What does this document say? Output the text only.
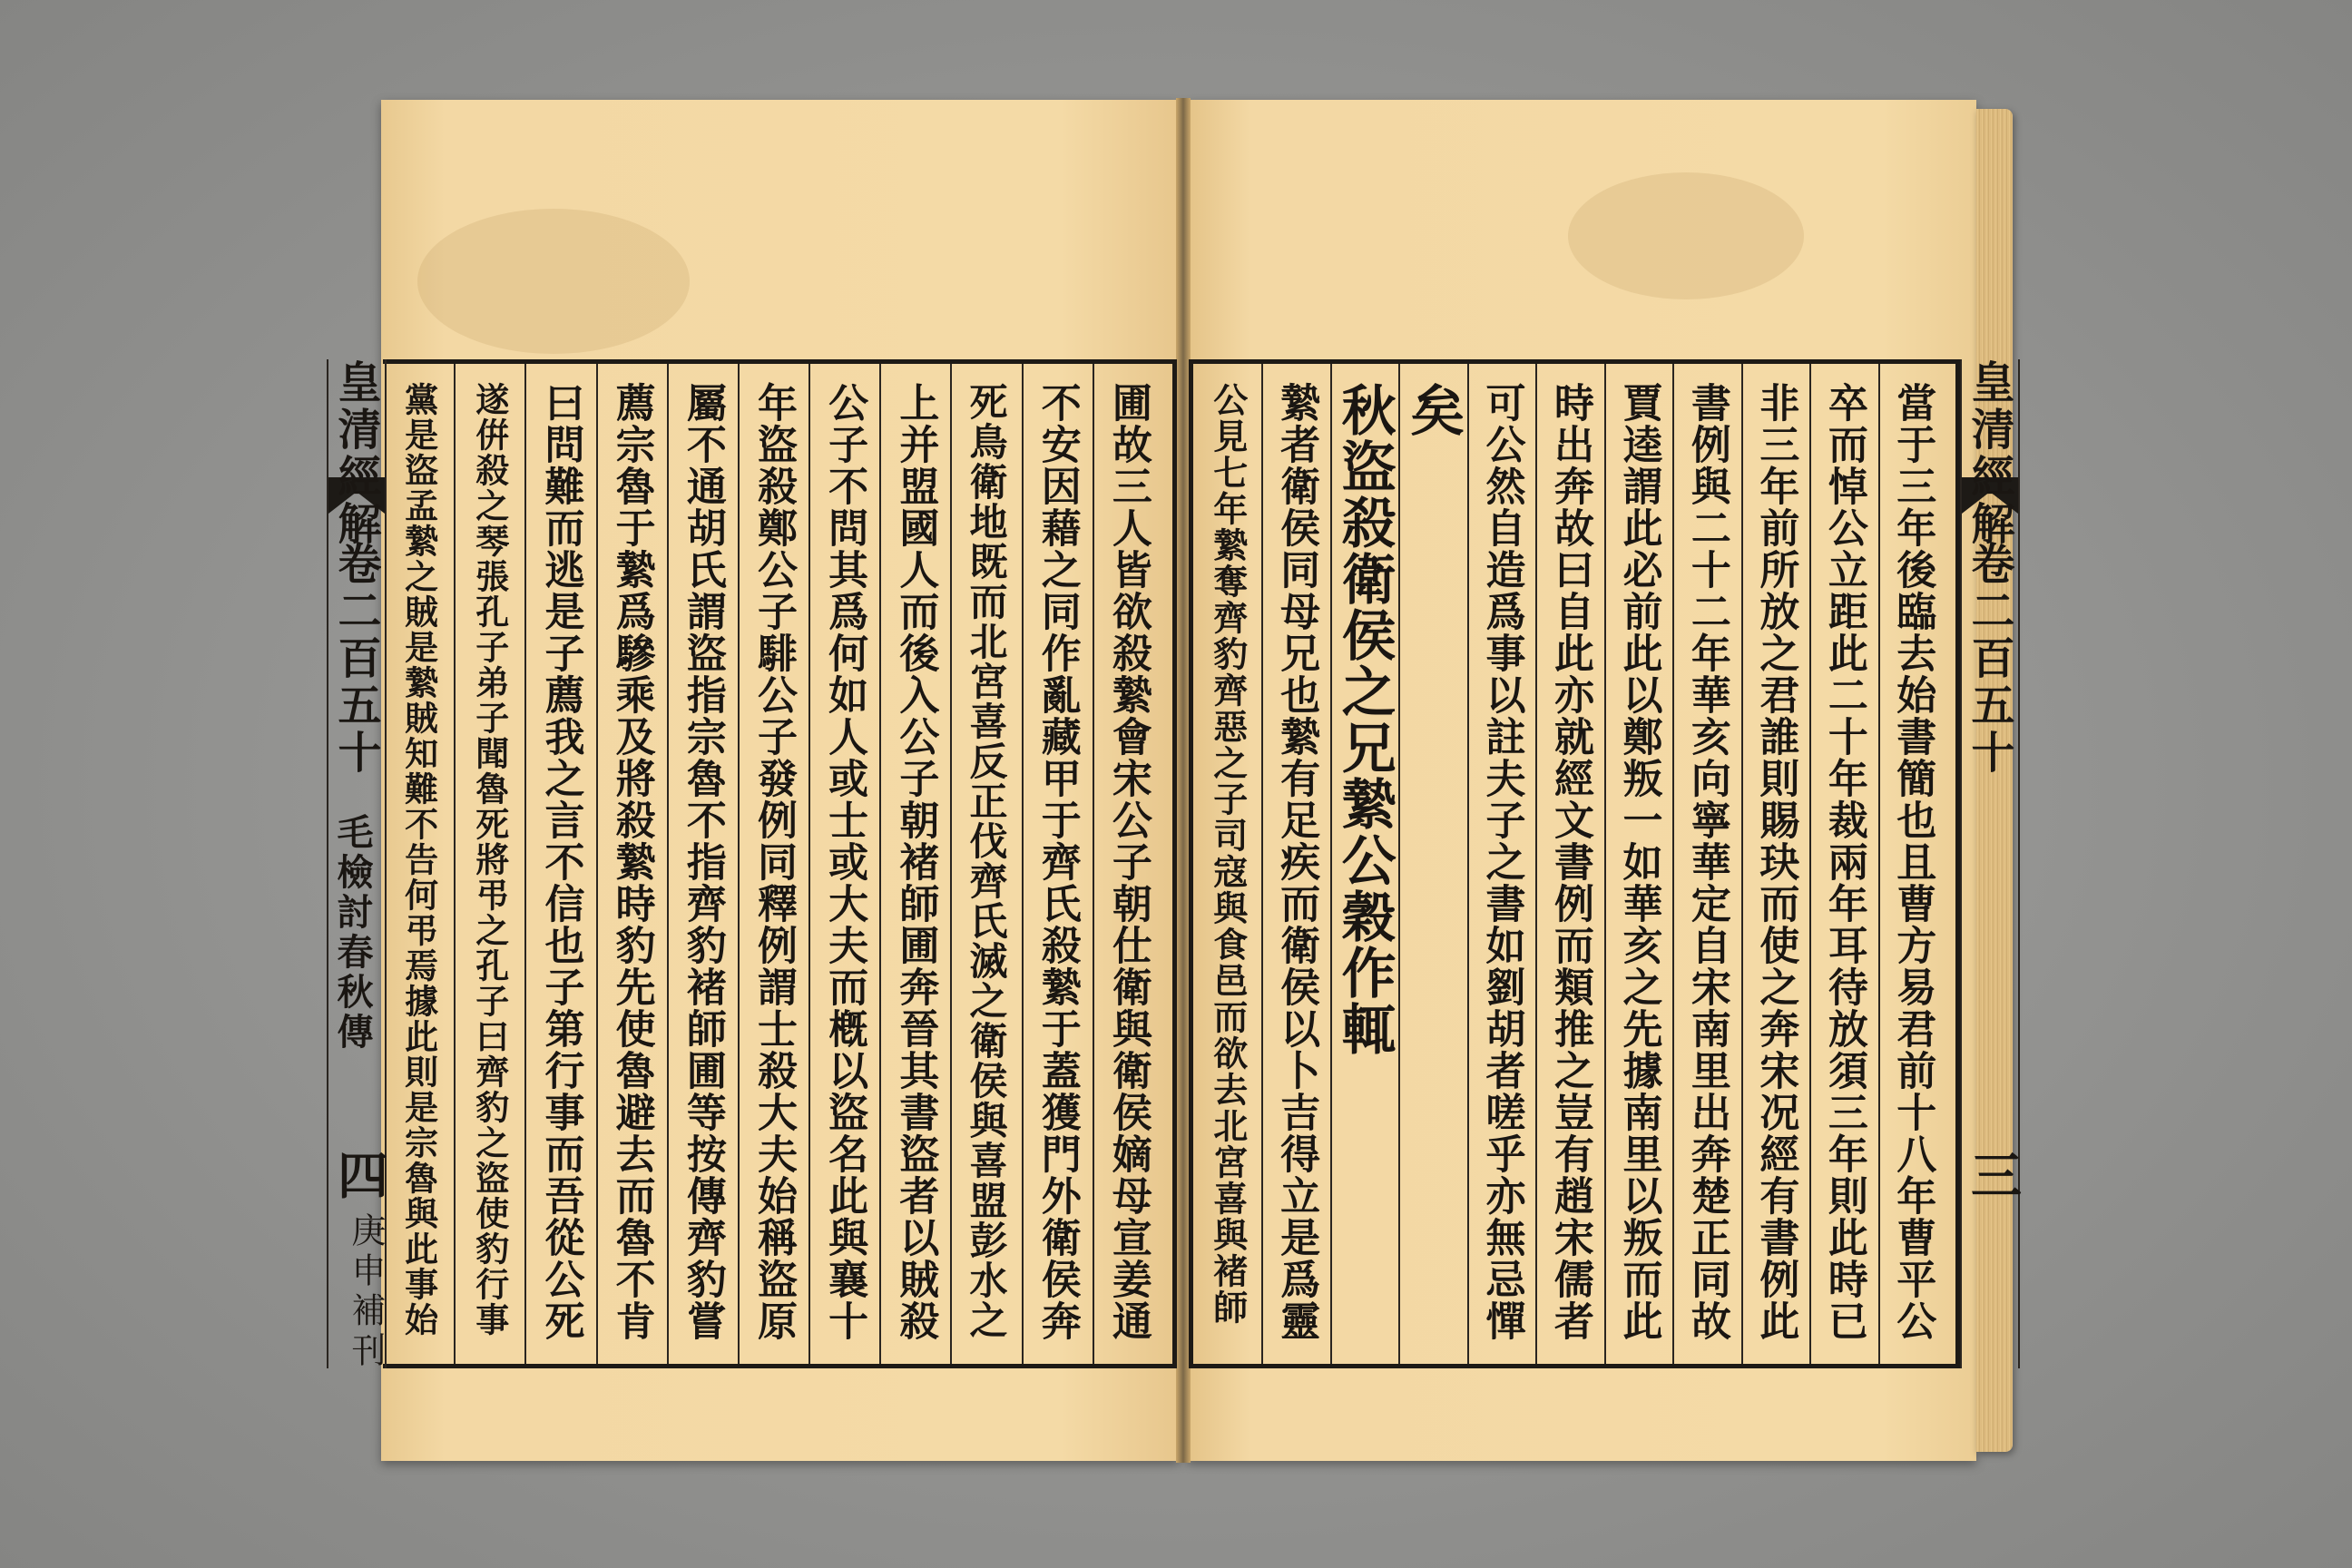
圃故三人皆欲殺縶會宋公子朝仕衛與衛侯嫡母宣姜通
不安因藉之同作亂藏甲于齊氏殺縶于蓋獲門外衛侯奔
死鳥衛地既而北宮喜反正伐齊氏滅之衛侯與喜盟彭水之
上并盟國人而後入公子朝褚師圃奔晉其書盜者以賊殺
公子不問其爲何如人或士或大夫而槪以盜名此與襄十
年盜殺鄭公子騑公子發例同釋例謂士殺大夫始稱盜原
屬不通胡氏謂盜指宗魯不指齊豹褚師圃等按傳齊豹嘗
薦宗魯于縶爲驂乘及將殺縶時豹先使魯避去而魯不肯
曰問難而逃是子薦我之言不信也子第行事而吾從公死
遂倂殺之琴張孔子弟子聞魯死將弔之孔子曰齊豹之盜使豹行事
黨是盜孟縶之賊是縶賊知難不告何弔焉據此則是宗魯與此事始
皇清經解
卷二百五十
毛檢討春秋傳
四
庚申補刊	當于三年後臨去始書簡也且曹方易君前十八年曹平公
卒而悼公立距此二十年裁兩年耳待放須三年則此時已
非三年前所放之君誰則賜玦而使之奔宋况經有書例此
書例與二十二年華亥向寧華定自宋南里出奔楚正同故
賈逵謂此必前此以鄭叛一如華亥之先據南里以叛而此
時出奔故曰自此亦就經文書例而類推之豈有趙宋儒者
可公然自造爲事以註夫子之書如劉胡者嗟乎亦無忌憚
矣
秋盜殺衛侯之兄縶公穀作輒
縶者衛侯同母兄也縶有足疾而衛侯以卜吉得立是爲靈
公見七年縶奪齊豹齊惡之子司寇與食邑而欲去北宮喜與褚師	皇清經解
卷二百五十
三
